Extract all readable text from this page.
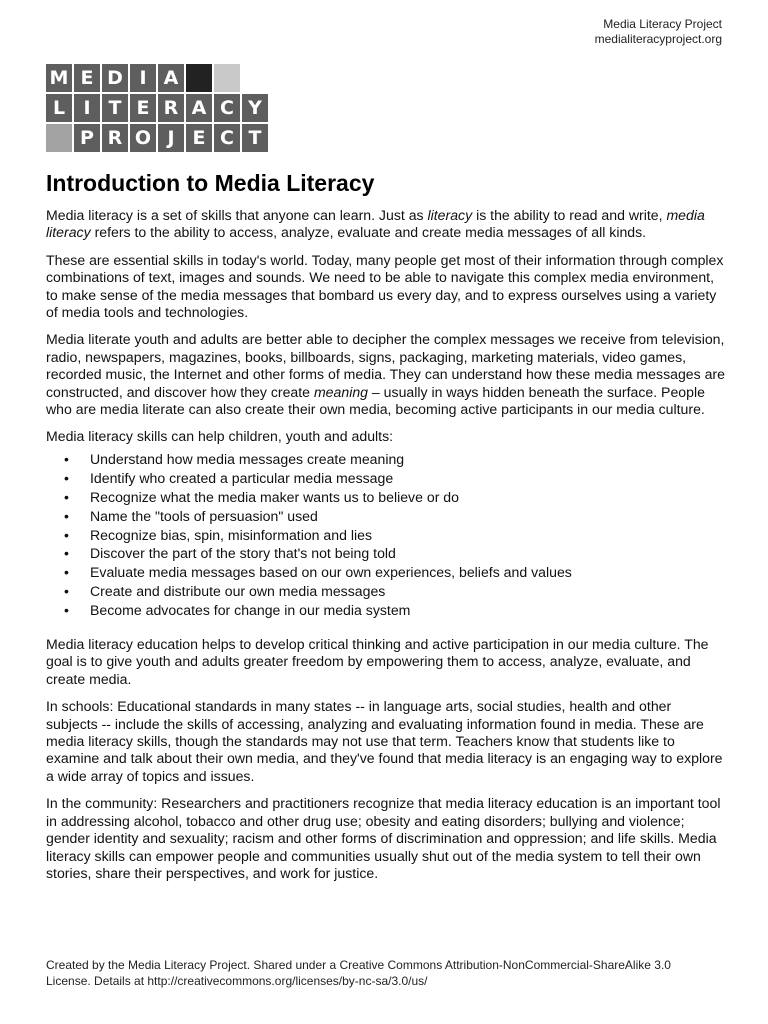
Media Literacy Project
medialiteracyproject.org
M E D I A
L I T E R A C Y
P R O J E C T
Introduction to Media Literacy

Media literacy is a set of skills that anyone can learn. Just as literacy is the ability to read and write, media literacy refers to the ability to access, analyze, evaluate and create media messages of all kinds.

These are essential skills in today's world. Today, many people get most of their information through complex combinations of text, images and sounds. We need to be able to navigate this complex media environment, to make sense of the media messages that bombard us every day, and to express ourselves using a variety of media tools and technologies.

Media literate youth and adults are better able to decipher the complex messages we receive from television, radio, newspapers, magazines, books, billboards, signs, packaging, marketing materials, video games, recorded music, the Internet and other forms of media. They can understand how these media messages are constructed, and discover how they create meaning – usually in ways hidden beneath the surface. People who are media literate can also create their own media, becoming active participants in our media culture.

Media literacy skills can help children, youth and adults:

• Understand how media messages create meaning
• Identify who created a particular media message
• Recognize what the media maker wants us to believe or do
• Name the "tools of persuasion" used
• Recognize bias, spin, misinformation and lies
• Discover the part of the story that's not being told
• Evaluate media messages based on our own experiences, beliefs and values
• Create and distribute our own media messages
• Become advocates for change in our media system

Media literacy education helps to develop critical thinking and active participation in our media culture. The goal is to give youth and adults greater freedom by empowering them to access, analyze, evaluate, and create media.

In schools: Educational standards in many states -- in language arts, social studies, health and other subjects -- include the skills of accessing, analyzing and evaluating information found in media. These are media literacy skills, though the standards may not use that term. Teachers know that students like to examine and talk about their own media, and they've found that media literacy is an engaging way to explore a wide array of topics and issues.

In the community: Researchers and practitioners recognize that media literacy education is an important tool in addressing alcohol, tobacco and other drug use; obesity and eating disorders; bullying and violence; gender identity and sexuality; racism and other forms of discrimination and oppression; and life skills. Media literacy skills can empower people and communities usually shut out of the media system to tell their own stories, share their perspectives, and work for justice.

Created by the Media Literacy Project. Shared under a Creative Commons Attribution-NonCommercial-ShareAlike 3.0
License. Details at http://creativecommons.org/licenses/by-nc-sa/3.0/us/
